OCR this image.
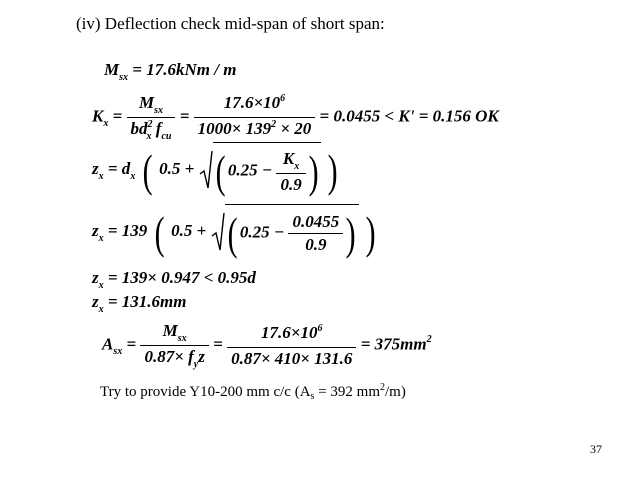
(iv) Deflection check mid-span of short span:
$M_{sx} = 17.6kNm / m$
$K_x = \frac{M_{sx}}{bd^2_x f_{cu}} = \frac{17.6\times 10^6}{1000\times 139^2 \times 20} = 0.0455 < K' = 0.156$ OK
$z_x = d_x$ ( 0.5 + ( $0.25 - \frac{K_x}{0.9}$ ) )
$z_x = 139$ ( 0.5 + ( $0.25 - \frac{0.0455}{0.9}$ ) )
$z_x = 139\times 0.947 < 0.95d$
$z_x = 131.6mm$
$A_{sx} = \frac{M_{sx}}{0.87\times f_yz} = \frac{17.6\times 10^6}{0.87\times 410\times 131.6} = 375mm^2$
Try to provide Y10-200 mm c/c ($A_s = 392$ $mm^2/m$)
37
